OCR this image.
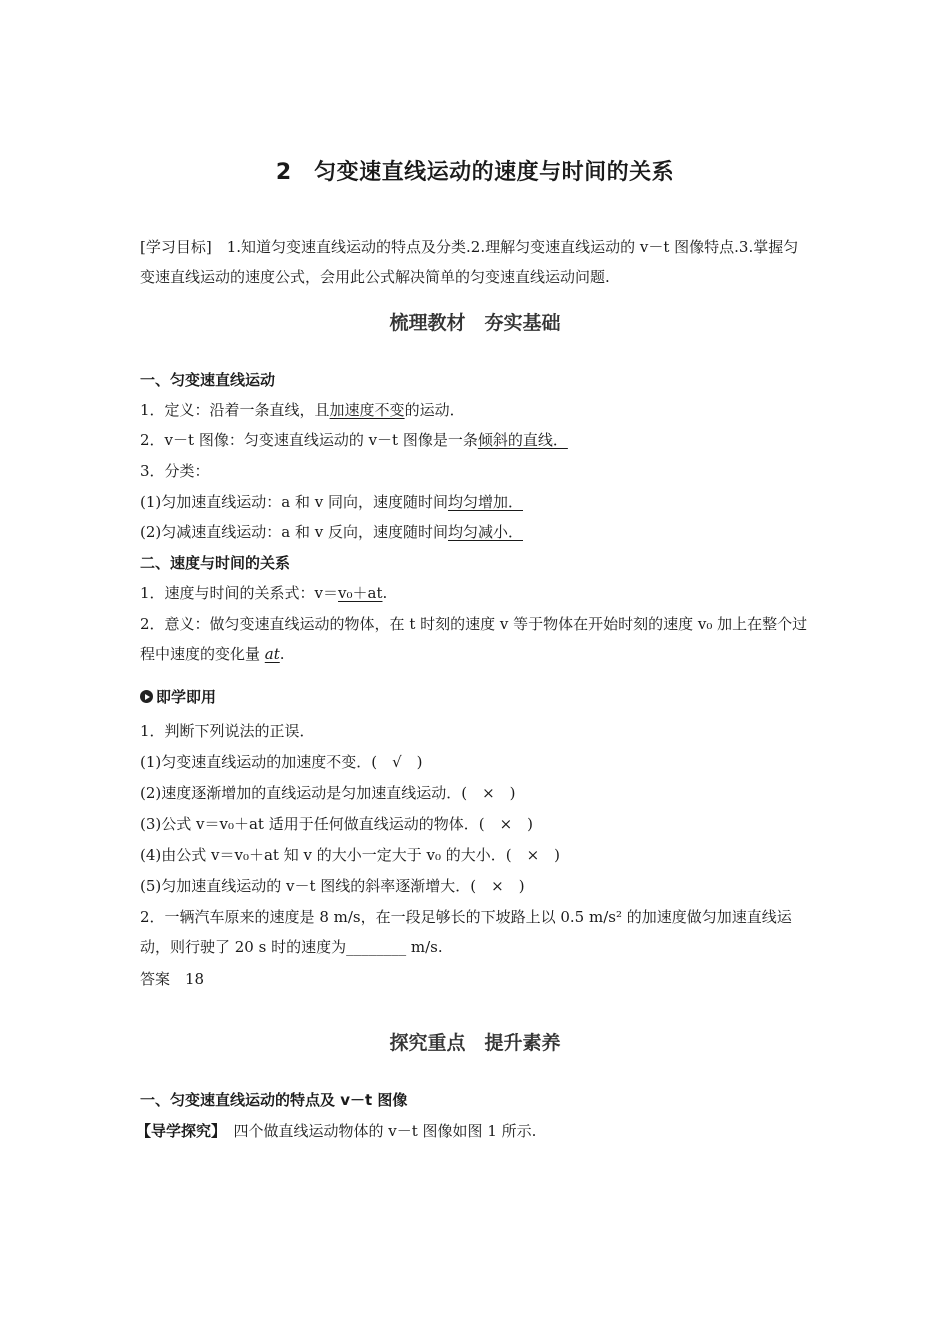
2　匀变速直线运动的速度与时间的关系
[学习目标]　1.知道匀变速直线运动的特点及分类.2.理解匀变速直线运动的 v－t 图像特点.3.掌握匀变速直线运动的速度公式，会用此公式解决简单的匀变速直线运动问题.
梳理教材　夯实基础
一、匀变速直线运动
1．定义：沿着一条直线，且加速度不变的运动．
2．v－t 图像：匀变速直线运动的 v－t 图像是一条倾斜的直线．
3．分类：
(1)匀加速直线运动：a 和 v 同向，速度随时间均匀增加．
(2)匀减速直线运动：a 和 v 反向，速度随时间均匀减小．
二、速度与时间的关系
1．速度与时间的关系式：v＝v₀＋at.
2．意义：做匀变速直线运动的物体，在 t 时刻的速度 v 等于物体在开始时刻的速度 v₀ 加上在整个过程中速度的变化量 at.
即学即用
1．判断下列说法的正误．
(1)匀变速直线运动的加速度不变．(　√　)
(2)速度逐渐增加的直线运动是匀加速直线运动．(　×　)
(3)公式 v＝v₀＋at 适用于任何做直线运动的物体．(　×　)
(4)由公式 v＝v₀＋at 知 v 的大小一定大于 v₀ 的大小．(　×　)
(5)匀加速直线运动的 v－t 图线的斜率逐渐增大．(　×　)
2．一辆汽车原来的速度是 8 m/s，在一段足够长的下坡路上以 0.5 m/s² 的加速度做匀加速直线运动，则行驶了 20 s 时的速度为________ m/s.
答案　18
探究重点　提升素养
一、匀变速直线运动的特点及 v－t 图像
【导学探究】　四个做直线运动物体的 v－t 图像如图 1 所示.
